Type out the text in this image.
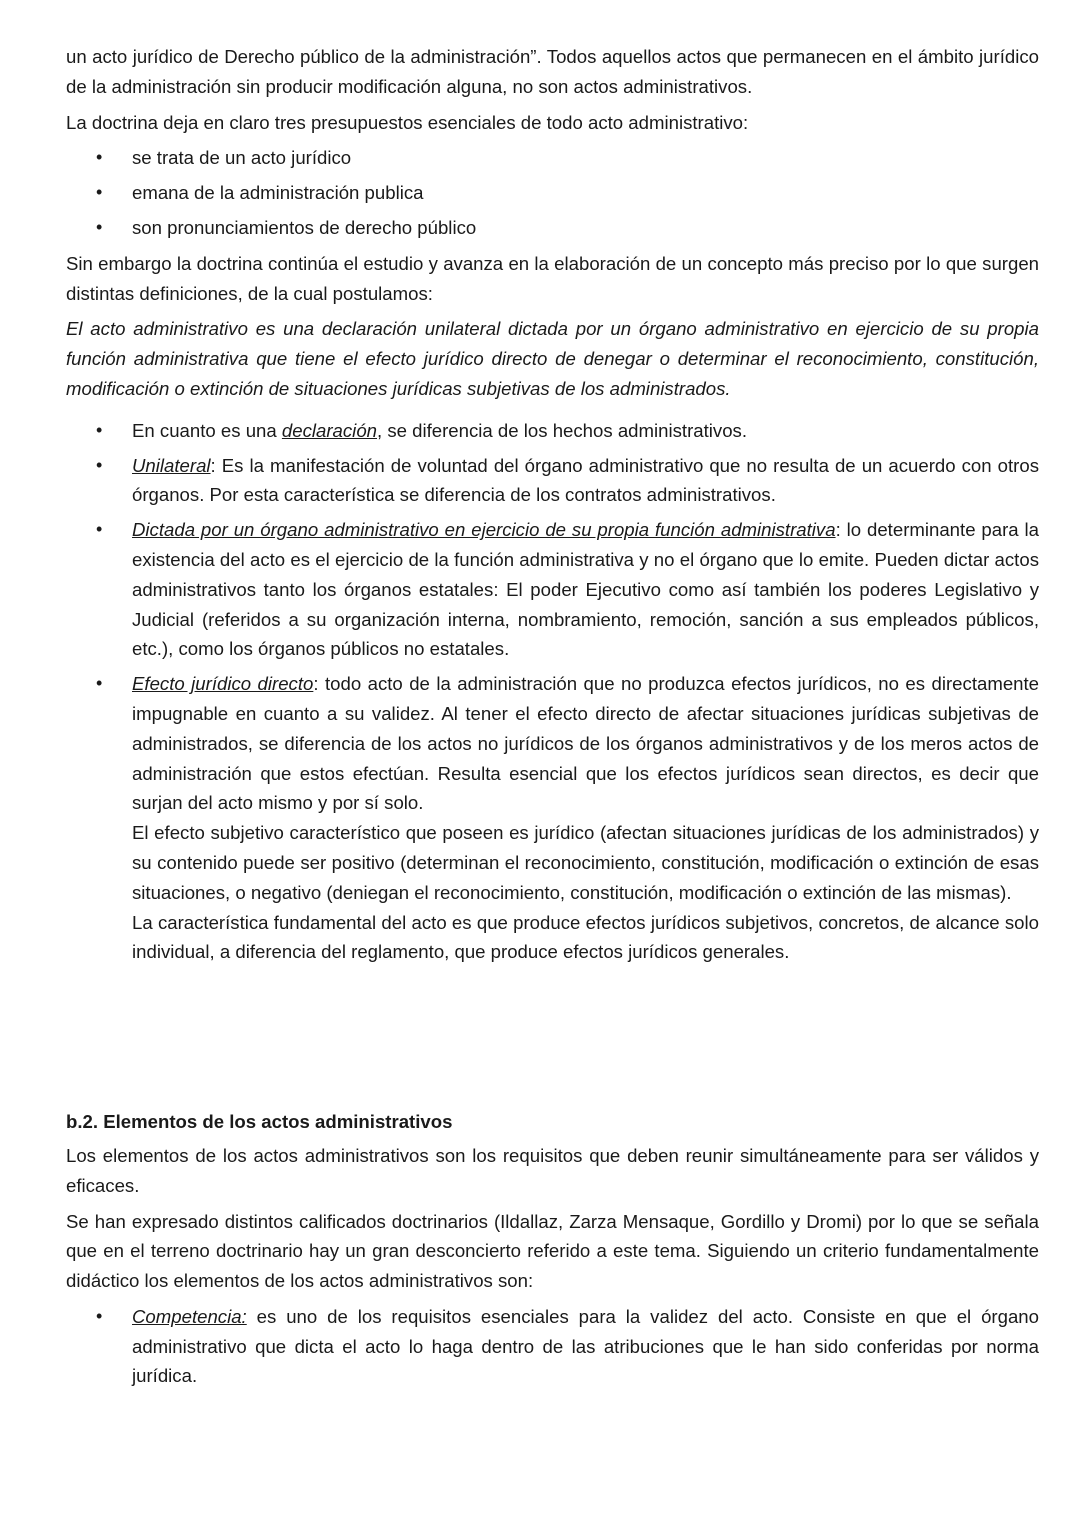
un acto jurídico de Derecho público de la administración”. Todos aquellos actos que permanecen en el ámbito jurídico de la administración sin producir modificación alguna, no son actos administrativos.

La doctrina deja en claro tres presupuestos esenciales de todo acto administrativo:

• se trata de un acto jurídico
• emana de la administración publica
• son pronunciamientos de derecho público

Sin embargo la doctrina continúa el estudio y avanza en la elaboración de un concepto más preciso por lo que surgen distintas definiciones, de la cual postulamos:

El acto administrativo es una declaración unilateral dictada por un órgano administrativo en ejercicio de su propia función administrativa que tiene el efecto jurídico directo de denegar o determinar el reconocimiento, constitución, modificación o extinción de situaciones jurídicas subjetivas de los administrados.

• En cuanto es una declaración, se diferencia de los hechos administrativos.
• Unilateral: Es la manifestación de voluntad del órgano administrativo que no resulta de un acuerdo con otros órganos. Por esta característica se diferencia de los contratos administrativos.
• Dictada por un órgano administrativo en ejercicio de su propia función administrativa: lo determinante para la existencia del acto es el ejercicio de la función administrativa y no el órgano que lo emite. Pueden dictar actos administrativos tanto los órganos estatales: El poder Ejecutivo como así también los poderes Legislativo y Judicial (referidos a su organización interna, nombramiento, remoción, sanción a sus empleados públicos, etc.), como los órganos públicos no estatales.
• Efecto jurídico directo: todo acto de la administración que no produzca efectos jurídicos, no es directamente impugnable en cuanto a su validez. Al tener el efecto directo de afectar situaciones jurídicas subjetivas de administrados, se diferencia de los actos no jurídicos de los órganos administrativos y de los meros actos de administración que estos efectúan. Resulta esencial que los efectos jurídicos sean directos, es decir que surjan del acto mismo y por sí solo.
El efecto subjetivo característico que poseen es jurídico (afectan situaciones jurídicas de los administrados) y su contenido puede ser positivo (determinan el reconocimiento, constitución, modificación o extinción de esas situaciones, o negativo (deniegan el reconocimiento, constitución, modificación o extinción de las mismas).
La característica fundamental del acto es que produce efectos jurídicos subjetivos, concretos, de alcance solo individual, a diferencia del reglamento, que produce efectos jurídicos generales.
b.2. Elementos de los actos administrativos

Los elementos de los actos administrativos son los requisitos que deben reunir simultáneamente para ser válidos y eficaces.

Se han expresado distintos calificados doctrinarios (Ildallaz, Zarza Mensaque, Gordillo y Dromi) por lo que se señala que en el terreno doctrinario hay un gran desconcierto referido a este tema. Siguiendo un criterio fundamentalmente didáctico los elementos de los actos administrativos son:

• Competencia: es uno de los requisitos esenciales para la validez del acto. Consiste en que el órgano administrativo que dicta el acto lo haga dentro de las atribuciones que le han sido conferidas por norma jurídica.
